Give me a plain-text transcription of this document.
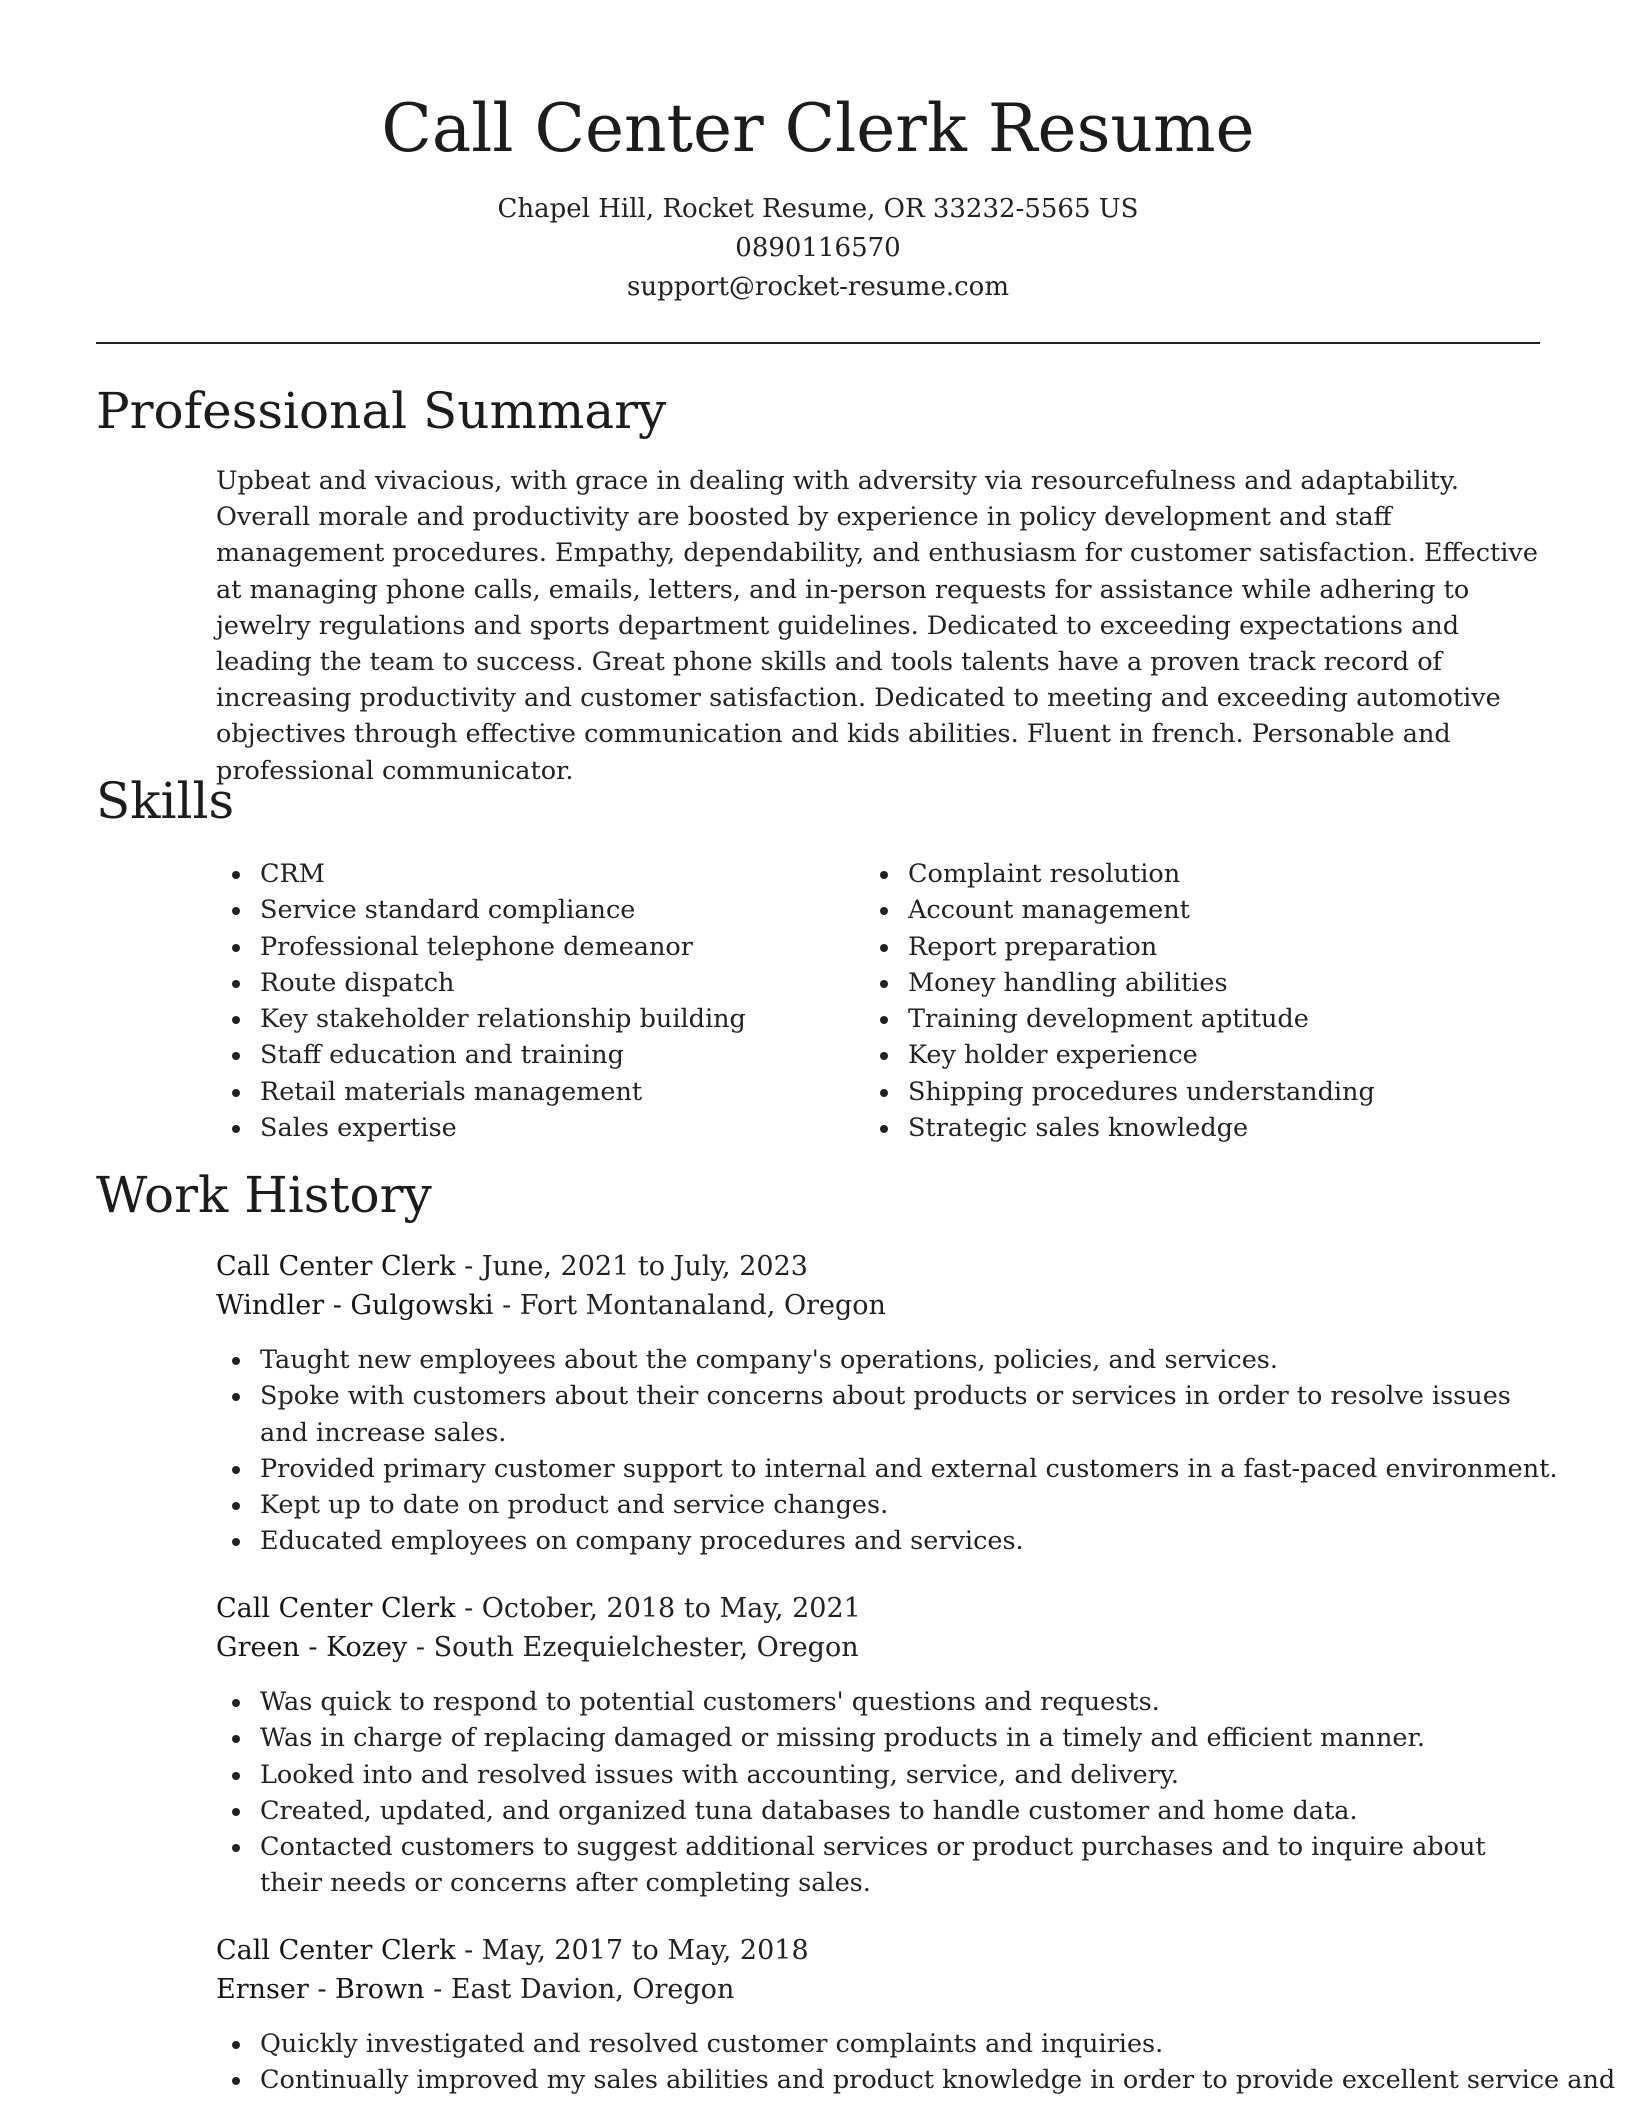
Call Center Clerk Resume
Chapel Hill, Rocket Resume, OR 33232-5565 US
0890116570
support@rocket-resume.com
Professional Summary

Upbeat and vivacious, with grace in dealing with adversity via resourcefulness and adaptability. Overall morale and productivity are boosted by experience in policy development and staff management procedures. Empathy, dependability, and enthusiasm for customer satisfaction. Effective at managing phone calls, emails, letters, and in-person requests for assistance while adhering to jewelry regulations and sports department guidelines. Dedicated to exceeding expectations and leading the team to success. Great phone skills and tools talents have a proven track record of increasing productivity and customer satisfaction. Dedicated to meeting and exceeding automotive objectives through effective communication and kids abilities. Fluent in french. Personable and professional communicator.

Skills
CRM
Service standard compliance
Professional telephone demeanor
Route dispatch
Key stakeholder relationship building
Staff education and training
Retail materials management
Sales expertise
Complaint resolution
Account management
Report preparation
Money handling abilities
Training development aptitude
Key holder experience
Shipping procedures understanding
Strategic sales knowledge
Work History
Call Center Clerk - June, 2021 to July, 2023
Windler - Gulgowski - Fort Montanaland, Oregon
Taught new employees about the company's operations, policies, and services.
Spoke with customers about their concerns about products or services in order to resolve issues and increase sales.
Provided primary customer support to internal and external customers in a fast-paced environment.
Kept up to date on product and service changes.
Educated employees on company procedures and services.
Call Center Clerk - October, 2018 to May, 2021
Green - Kozey - South Ezequielchester, Oregon
Was quick to respond to potential customers' questions and requests.
Was in charge of replacing damaged or missing products in a timely and efficient manner.
Looked into and resolved issues with accounting, service, and delivery.
Created, updated, and organized tuna databases to handle customer and home data.
Contacted customers to suggest additional services or product purchases and to inquire about their needs or concerns after completing sales.
Call Center Clerk - May, 2017 to May, 2018
Ernser - Brown - East Davion, Oregon
Quickly investigated and resolved customer complaints and inquiries.
Continually improved my sales abilities and product knowledge in order to provide excellent service and
